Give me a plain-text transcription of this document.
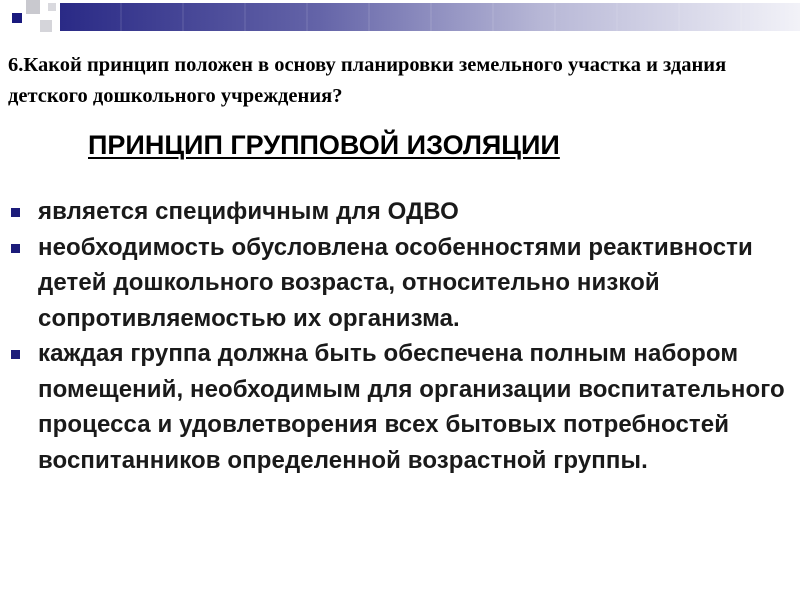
6.Какой принцип положен в основу планировки земельного участка и здания детского дошкольного учреждения?
ПРИНЦИП ГРУППОВОЙ ИЗОЛЯЦИИ
является специфичным для ОДВО
необходимость обусловлена особенностями реактивности детей дошкольного возраста, относительно низкой сопротивляемостью их организма.
каждая группа должна быть обеспечена полным набором помещений, необходимым для организации воспитательного процесса и удовлетворения всех бытовых потребностей воспитанников определенной возрастной группы.
